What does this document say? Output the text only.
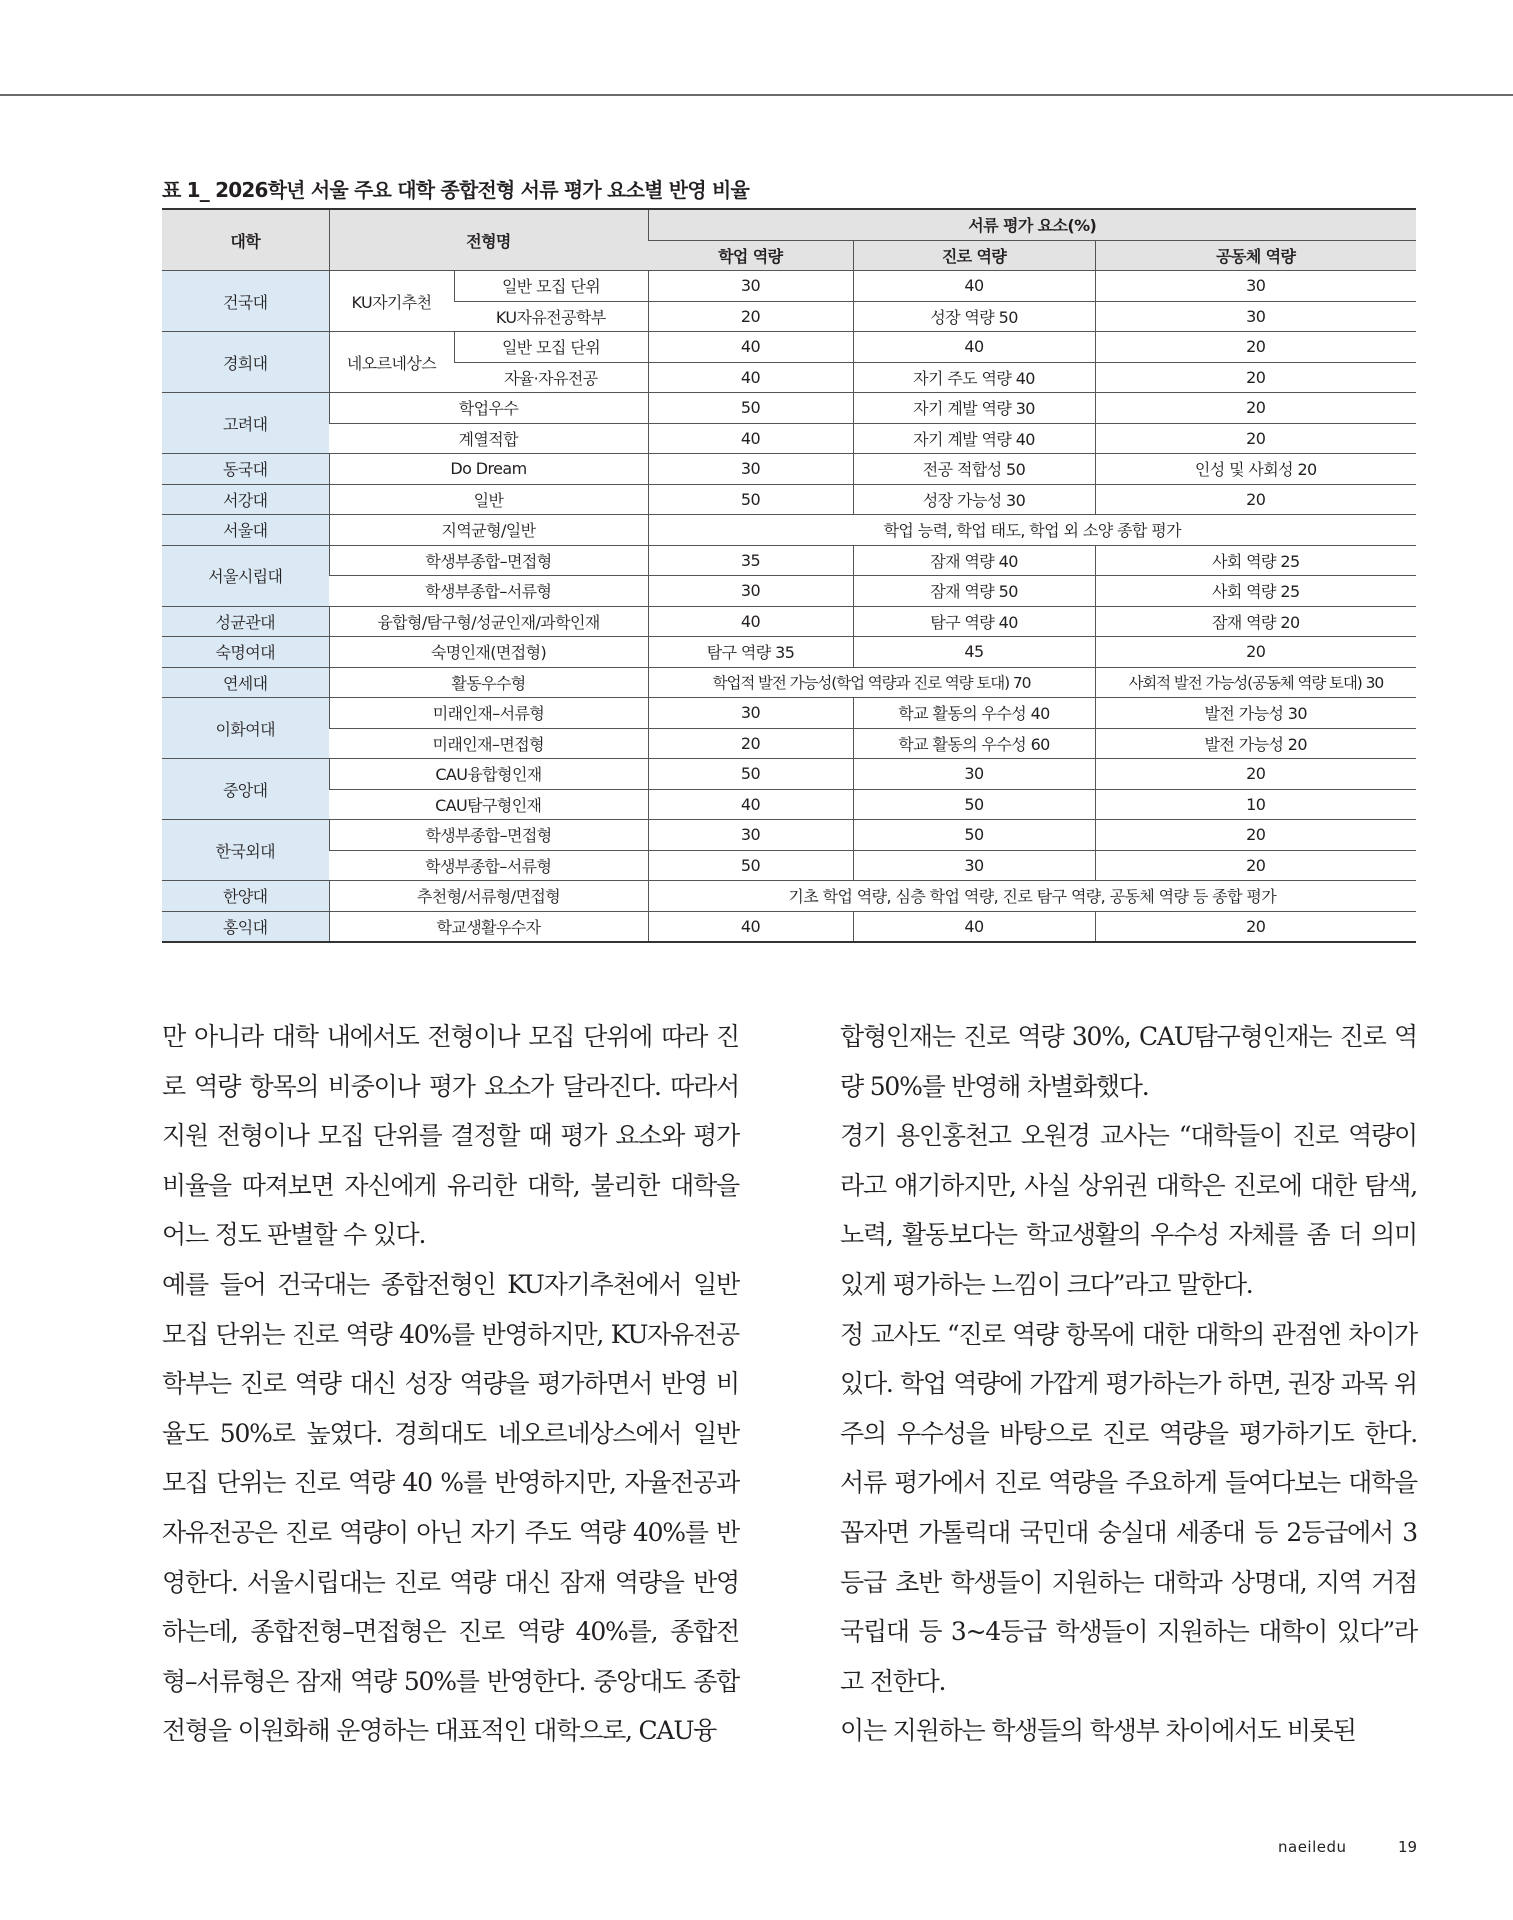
표 1_ 2026학년 서울 주요 대학 종합전형 서류 평가 요소별 반영 비율
대학	전형명		서류 평가 요소(%)		
			학업 역량	진로 역량	공동체 역량
건국대	KU자기추천	일반 모집 단위	30	40	30
		KU자유전공학부	20	성장 역량 50	30
경희대	네오르네상스	일반 모집 단위	40	40	20
		자율·자유전공	40	자기 주도 역량 40	20
고려대	학업우수		50	자기 계발 역량 30	20
	계열적합		40	자기 계발 역량 40	20
동국대	Do Dream		30	전공 적합성 50	인성 및 사회성 20
서강대	일반		50	성장 가능성 30	20
서울대	지역균형/일반		학업 능력, 학업 태도, 학업 외 소양 종합 평가		
서울시립대	학생부종합–면접형		35	잠재 역량 40	사회 역량 25
	학생부종합–서류형		30	잠재 역량 50	사회 역량 25
성균관대	융합형/탐구형/성균인재/과학인재		40	탐구 역량 40	잠재 역량 20
숙명여대	숙명인재(면접형)		탐구 역량 35	45	20
연세대	활동우수형		학업적 발전 가능성(학업 역량과 진로 역량 토대) 70		사회적 발전 가능성(공동체 역량 토대) 30
이화여대	미래인재–서류형		30	학교 활동의 우수성 40	발전 가능성 30
	미래인재–면접형		20	학교 활동의 우수성 60	발전 가능성 20
중앙대	CAU융합형인재		50	30	20
	CAU탐구형인재		40	50	10
한국외대	학생부종합–면접형		30	50	20
	학생부종합–서류형		50	30	20
한양대	추천형/서류형/면접형		기초 학업 역량, 심층 학업 역량, 진로 탐구 역량, 공동체 역량 등 종합 평가		
홍익대	학교생활우수자		40	40	20

만 아니라 대학 내에서도 전형이나 모집 단위에 따라 진로 역량 항목의 비중이나 평가 요소가 달라진다. 따라서 지원 전형이나 모집 단위를 결정할 때 평가 요소와 평가 비율을 따져보면 자신에게 유리한 대학, 불리한 대학을 어느 정도 판별할 수 있다.

예를 들어 건국대는 종합전형인 KU자기추천에서 일반 모집 단위는 진로 역량 40%를 반영하지만, KU자유전공학부는 진로 역량 대신 성장 역량을 평가하면서 반영 비율도 50%로 높였다. 경희대도 네오르네상스에서 일반 모집 단위는 진로 역량 40 %를 반영하지만, 자율전공과 자유전공은 진로 역량이 아닌 자기 주도 역량 40%를 반영한다. 서울시립대는 진로 역량 대신 잠재 역량을 반영하는데, 종합전형–면접형은 진로 역량 40%를, 종합전형–서류형은 잠재 역량 50%를 반영한다. 중앙대도 종합전형을 이원화해 운영하는 대표적인 대학으로, CAU융

합형인재는 진로 역량 30%, CAU탐구형인재는 진로 역량 50%를 반영해 차별화했다.

경기 용인홍천고 오원경 교사는 “대학들이 진로 역량이라고 얘기하지만, 사실 상위권 대학은 진로에 대한 탐색, 노력, 활동보다는 학교생활의 우수성 자체를 좀 더 의미 있게 평가하는 느낌이 크다”라고 말한다.

정 교사도 “진로 역량 항목에 대한 대학의 관점엔 차이가 있다. 학업 역량에 가깝게 평가하는가 하면, 권장 과목 위주의 우수성을 바탕으로 진로 역량을 평가하기도 한다. 서류 평가에서 진로 역량을 주요하게 들여다보는 대학을 꼽자면 가톨릭대 국민대 숭실대 세종대 등 2등급에서 3등급 초반 학생들이 지원하는 대학과 상명대, 지역 거점 국립대 등 3~4등급 학생들이 지원하는 대학이 있다”라고 전한다.

이는 지원하는 학생들의 학생부 차이에서도 비롯된

naeiledu	19
